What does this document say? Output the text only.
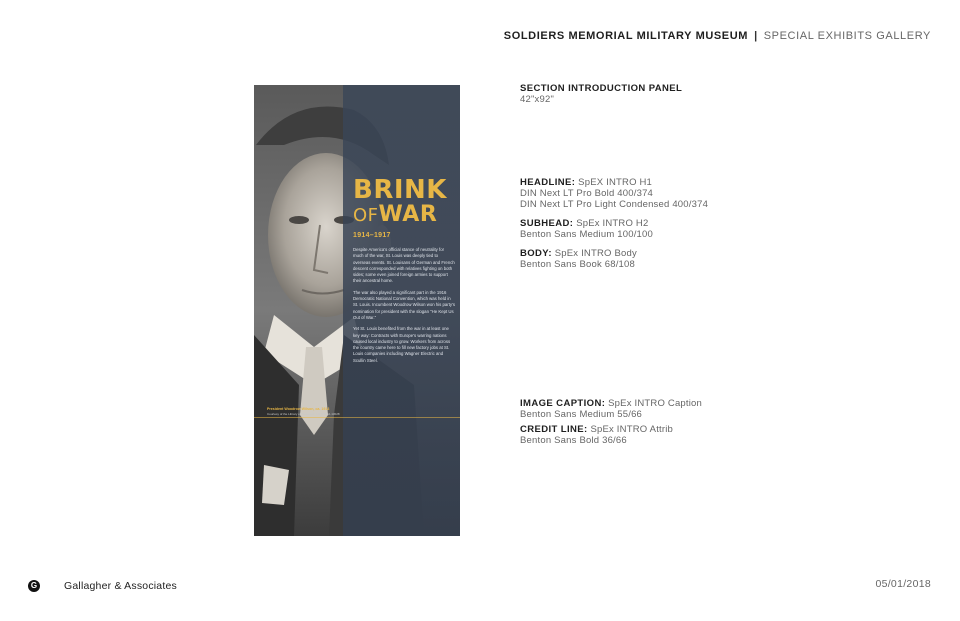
SOLDIERS MEMORIAL MILITARY MUSEUM | SPECIAL EXHIBITS GALLERY
BRINK
OFWAR
1914–1917

Despite America's official stance of neutrality for much of the war, St. Louis was deeply tied to overseas events. St. Louisans of German and French descent corresponded with relatives fighting on both sides; some even joined foreign armies to support their ancestral home.

The war also played a significant part in the 1916 Democratic National Convention, which was held in St. Louis. Incumbent Woodrow Wilson won his party's nomination for president with the slogan "He Kept Us Out of War."

Yet St. Louis benefited from the war in at least one key way: Contracts with Europe's warring nations caused local industry to grow. Workers from across the country came here to fill new factory jobs at St. Louis companies including Wagner Electric and Scullin Steel.

President Woodrow Wilson, ca. 1913
Courtesy of the Library of Congress, LC-USZ62-13028
SECTION INTRODUCTION PANEL
42"x92"
HEADLINE: SpEX INTRO H1
DIN Next LT Pro Bold 400/374
DIN Next LT Pro Light Condensed 400/374
SUBHEAD: SpEx INTRO H2
Benton Sans Medium 100/100
BODY: SpEx INTRO Body
Benton Sans Book 68/108
IMAGE CAPTION: SpEx INTRO Caption
Benton Sans Medium 55/66
CREDIT LINE: SpEx INTRO Attrib
Benton Sans Bold 36/66
G	Gallagher & Associates	05/01/2018
